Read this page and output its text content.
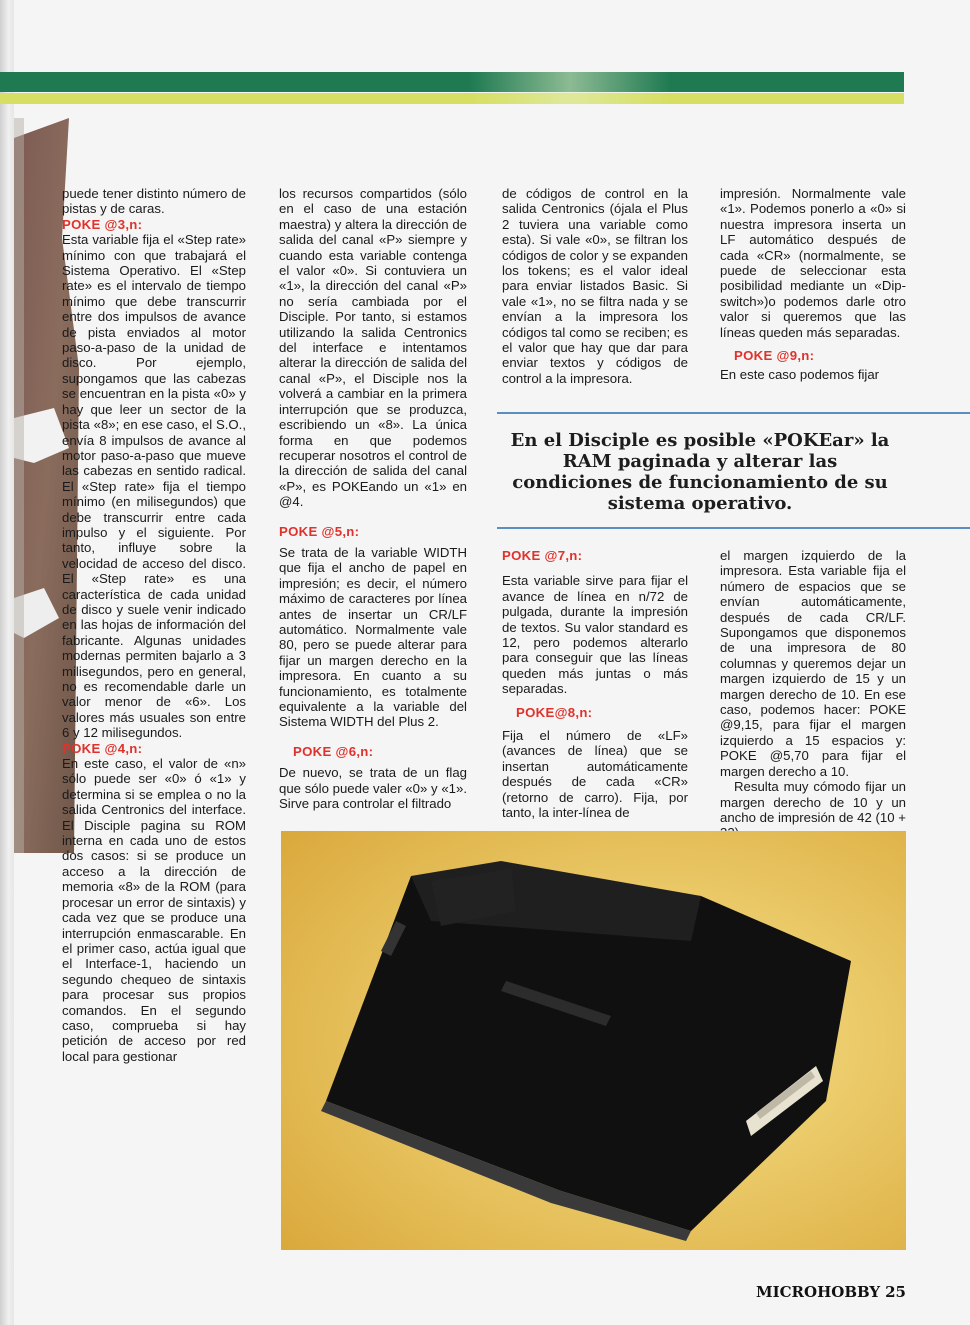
puede tener distinto número de pistas y de caras.

POKE @3,n:

Esta variable fija el «Step rate» mínimo con que trabajará el Sistema Operativo. El «Step rate» es el intervalo de tiempo mínimo que debe transcurrir entre dos impulsos de avance de pista enviados al motor paso-a-paso de la unidad de disco. Por ejemplo, supongamos que las cabezas se encuentran en la pista «0» y hay que leer un sector de la pista «8»; en ese caso, el S.O., envía 8 impulsos de avance al motor paso-a-paso que mueve las cabezas en sentido radical. El «Step rate» fija el tiempo mínimo (en milisegundos) que debe transcurrir entre cada impulso y el siguiente. Por tanto, influye sobre la velocidad de acceso del disco. El «Step rate» es una característica de cada unidad de disco y suele venir indicado en las hojas de información del fabricante. Algunas unidades modernas permiten bajarlo a 3 milisegundos, pero en general, no es recomendable darle un valor menor de «6». Los valores más usuales son entre 6 y 12 milisegundos.

POKE @4,n:

En este caso, el valor de «n» sólo puede ser «0» ó «1» y determina si se emplea o no la salida Centronics del interface. El Disciple pagina su ROM interna en cada uno de estos dos casos: si se produce un acceso a la dirección de memoria «8» de la ROM (para procesar un error de sintaxis) y cada vez que se produce una interrupción enmascarable. En el primer caso, actúa igual que el Interface-1, haciendo un segundo chequeo de sintaxis para procesar sus propios comandos. En el segundo caso, comprueba si hay petición de acceso por red local para gestionar

los recursos compartidos (sólo en el caso de una estación maestra) y altera la dirección de salida del canal «P» siempre y cuando esta variable contenga el valor «0». Si contuviera un «1», la dirección del canal «P» no sería cambiada por el Disciple. Por tanto, si estamos utilizando la salida Centronics del interface e intentamos alterar la dirección de salida del canal «P», el Disciple nos la volverá a cambiar en la primera interrupción que se produzca, escribiendo un «8». La única forma en que podemos recuperar nosotros el control de la dirección de salida del canal «P», es POKEando un «1» en @4.

POKE @5,n:

Se trata de la variable WIDTH que fija el ancho de papel en impresión; es decir, el número máximo de caracteres por línea antes de insertar un CR/LF automático. Normalmente vale 80, pero se puede alterar para fijar un margen derecho en la impresora. En cuanto a su funcionamiento, es totalmente equivalente a la variable del Sistema WIDTH del Plus 2.

POKE @6,n:

De nuevo, se trata de un flag que sólo puede valer «0» y «1». Sirve para controlar el filtrado

de códigos de control en la salida Centronics (ójala el Plus 2 tuviera una variable como esta). Si vale «0», se filtran los códigos de color y se expanden los tokens; es el valor ideal para enviar listados Basic. Si vale «1», no se filtra nada y se envían a la impresora los códigos tal como se reciben; es el valor que hay que dar para enviar textos y códigos de control a la impresora.

impresión. Normalmente vale «1». Podemos ponerlo a «0» si nuestra impresora inserta un LF automático después de cada «CR» (normalmente, se puede de seleccionar esta posibilidad mediante un «Dip-switch»)o podemos darle otro valor si queremos que las líneas queden más separadas.

POKE @9,n:

En este caso podemos fijar

En el Disciple es posible «POKEar» la RAM paginada y alterar las condiciones de funcionamiento de su sistema operativo.

POKE @7,n:

Esta variable sirve para fijar el avance de línea en n/72 de pulgada, durante la impresión de textos. Su valor standard es 12, pero podemos alterarlo para conseguir que las líneas queden más juntas o más separadas.

POKE@8,n:

Fija el número de «LF» (avances de línea) que se insertan automáticamente después de cada «CR» (retorno de carro). Fija, por tanto, la inter-línea de

el margen izquierdo de la impresora. Esta variable fija el número de espacios que se envían automáticamente, después de cada CR/LF. Supongamos que disponemos de una impresora de 80 columnas y queremos dejar un margen izquierdo de 15 y un margen derecho de 10. En ese caso, podemos hacer: POKE @9,15, para fijar el margen izquierdo a 15 espacios y: POKE @5,70 para fijar el margen derecho a 10.

Resulta muy cómodo fijar un margen derecho de 10 y un ancho de impresión de 42 (10 +

MICROHOBBY 25
